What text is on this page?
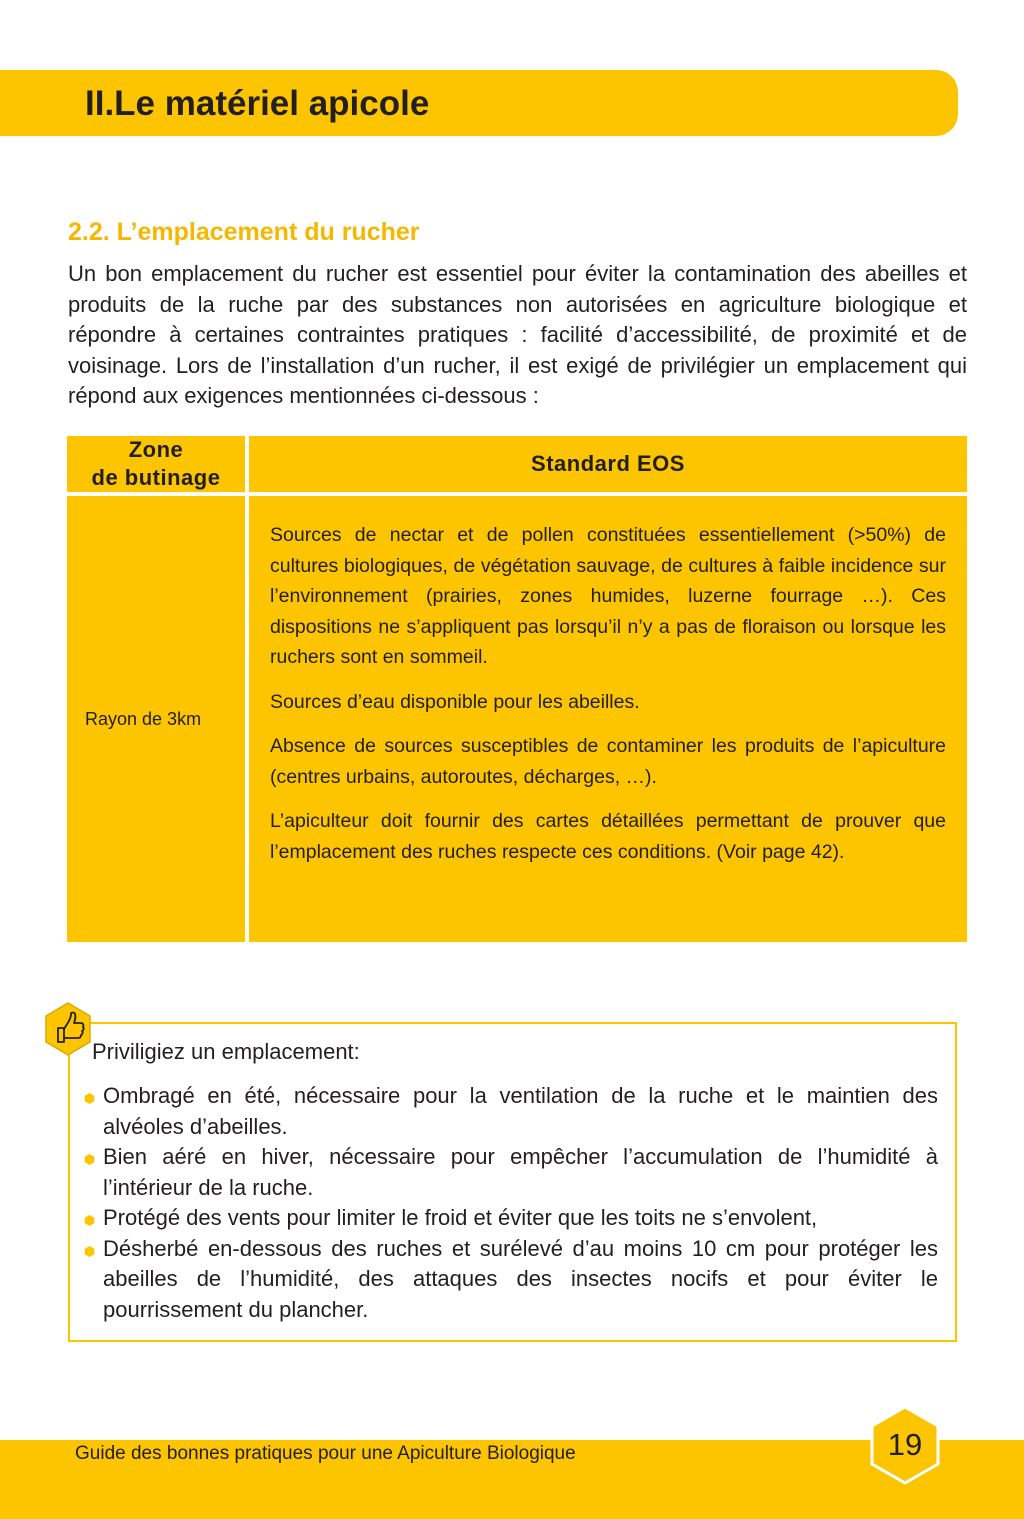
II.Le matériel apicole
2.2. L’emplacement du rucher

Un bon emplacement du rucher est essentiel pour éviter la contamination des abeilles et produits de la ruche par des substances non autorisées en agriculture biologique et répondre à certaines contraintes pratiques : facilité d’accessibilité, de proximité et de voisinage. Lors de l’installation d’un rucher, il est exigé de privilégier un emplacement qui répond aux exigences mentionnées ci-dessous :

Zone
de butinage
Standard EOS
Rayon de 3km

Sources de nectar et de pollen constituées essentiellement (>50%) de cultures biologiques, de végétation sauvage, de cultures à faible incidence sur l’environnement (prairies, zones humides, luzerne fourrage …). Ces dispositions ne s’appliquent pas lorsqu’il n’y a pas de floraison ou lorsque les ruchers sont en sommeil.

Sources d’eau disponible pour les abeilles.

Absence de sources susceptibles de contaminer les produits de l’apiculture (centres urbains, autoroutes, décharges, …).

L’apiculteur doit fournir des cartes détaillées permettant de prouver que l’emplacement des ruches respecte ces conditions. (Voir page 42).

Priviligiez un emplacement:

Ombragé en été, nécessaire pour la ventilation de la ruche et le maintien des alvéoles d’abeilles.
Bien aéré en hiver, nécessaire pour empêcher l’accumulation de l’humidité à l’intérieur de la ruche.
Protégé des vents pour limiter le froid et éviter que les toits ne s’envolent,
Désherbé en-dessous des ruches et surélevé d’au moins 10 cm pour protéger les abeilles de l’humidité, des attaques des insectes nocifs et pour éviter le pourrissement du plancher.

Guide des bonnes pratiques pour une Apiculture Biologique	19
